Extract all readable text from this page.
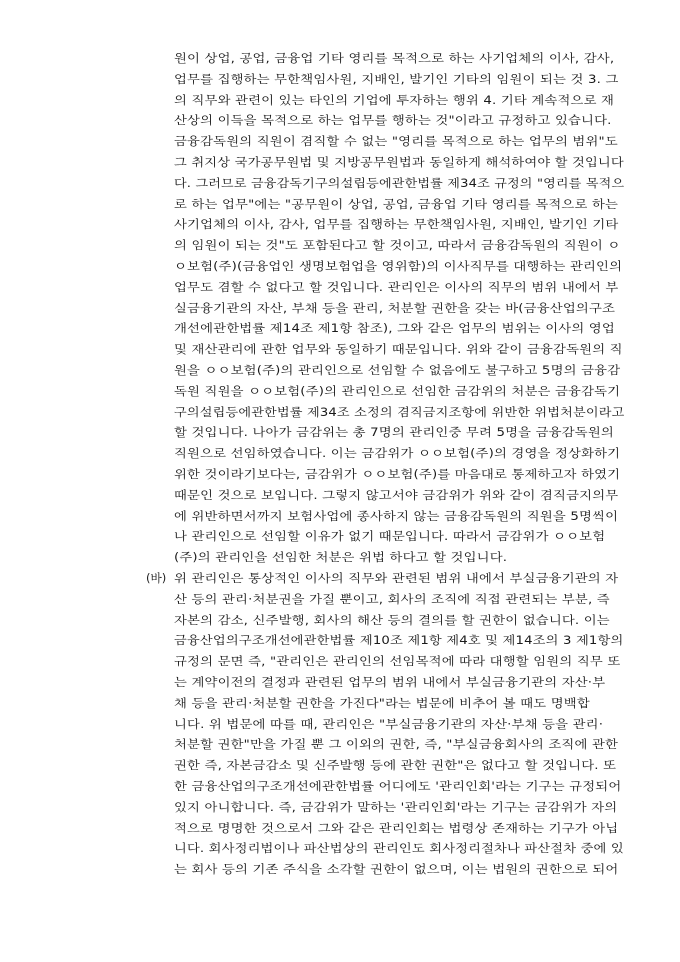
원이 상업, 공업, 금융업 기타 영리를 목적으로 하는 사기업체의 이사, 감사,
업무를 집행하는 무한책임사원, 지배인, 발기인 기타의 임원이 되는 것 3. 그
의 직무와 관련이 있는 타인의 기업에 투자하는 행위 4. 기타 계속적으로 재
산상의 이득을 목적으로 하는 업무를 행하는 것"이라고 규정하고 있습니다.
금융감독원의 직원이 겸직할 수 없는 "영리를 목적으로 하는 업무의 범위"도
그 취지상 국가공무원법 및 지방공무원법과 동일하게 해석하여야 할 것입니다
다. 그러므로 금융감독기구의설립등에관한법률 제34조 규정의 "영리를 목적으
로 하는 업무"에는 "공무원이 상업, 공업, 금융업 기타 영리를 목적으로 하는
사기업체의 이사, 감사, 업무를 집행하는 무한책임사원, 지배인, 발기인 기타
의 임원이 되는 것"도 포함된다고 할 것이고, 따라서 금융감독원의 직원이 ㅇ
ㅇ보험(주)(금융업인 생명보험업을 영위함)의 이사직무를 대행하는 관리인의
업무도 겸할 수 없다고 할 것입니다. 관리인은 이사의 직무의 범위 내에서 부
실금융기관의 자산, 부채 등을 관리, 처분할 권한을 갖는 바(금융산업의구조
개선에관한법률 제14조 제1항 참조), 그와 같은 업무의 범위는 이사의 영업
및 재산관리에 관한 업무와 동일하기 때문입니다. 위와 같이 금융감독원의 직
원을 ㅇㅇ보험(주)의 관리인으로 선임할 수 없음에도 불구하고 5명의 금융감
독원 직원을 ㅇㅇ보험(주)의 관리인으로 선임한 금감위의 처분은 금융감독기
구의설립등에관한법률 제34조 소정의 겸직금지조항에 위반한 위법처분이라고
할 것입니다. 나아가 금감위는 총 7명의 관리인중 무려 5명을 금융감독원의
직원으로 선임하였습니다. 이는 금감위가 ㅇㅇ보험(주)의 경영을 정상화하기
위한 것이라기보다는, 금감위가 ㅇㅇ보험(주)를 마음대로 통제하고자 하였기
때문인 것으로 보입니다. 그렇지 않고서야 금감위가 위와 같이 겸직금지의무
에 위반하면서까지 보험사업에 종사하지 않는 금융감독원의 직원을 5명씩이
나 관리인으로 선임할 이유가 없기 때문입니다. 따라서 금감위가 ㅇㅇ보험
(주)의 관리인을 선임한 처분은 위법 하다고 할 것입니다.
(바) 위 관리인은 통상적인 이사의 직무와 관련된 범위 내에서 부실금융기관의 자
산 등의 관리·처분권을 가질 뿐이고, 회사의 조직에 직접 관련되는 부분, 즉
자본의 감소, 신주발행, 회사의 해산 등의 결의를 할 권한이 없습니다. 이는
금융산업의구조개선에관한법률 제10조 제1항 제4호 및 제14조의 3 제1항의
규정의 문면 즉, "관리인은 관리인의 선임목적에 따라 대행할 임원의 직무 또
는 계약이전의 결정과 관련된 업무의 범위 내에서 부실금융기관의 자산·부
채 등을 관리·처분할 권한을 가진다"라는 법문에 비추어 볼 때도 명백합
니다. 위 법문에 따를 때, 관리인은 "부실금융기관의 자산·부채 등을 관리·
처분할 권한"만을 가질 뿐 그 이외의 권한, 즉, "부실금융회사의 조직에 관한
권한 즉, 자본금감소 및 신주발행 등에 관한 권한"은 없다고 할 것입니다. 또
한 금융산업의구조개선에관한법률 어디에도 '관리인회'라는 기구는 규정되어
있지 아니합니다. 즉, 금감위가 말하는 '관리인회'라는 기구는 금감위가 자의
적으로 명명한 것으로서 그와 같은 관리인회는 법령상 존재하는 기구가 아닙
니다. 회사정리법이나 파산법상의 관리인도 회사정리절차나 파산절차 중에 있
는 회사 등의 기존 주식을 소각할 권한이 없으며, 이는 법원의 권한으로 되어
